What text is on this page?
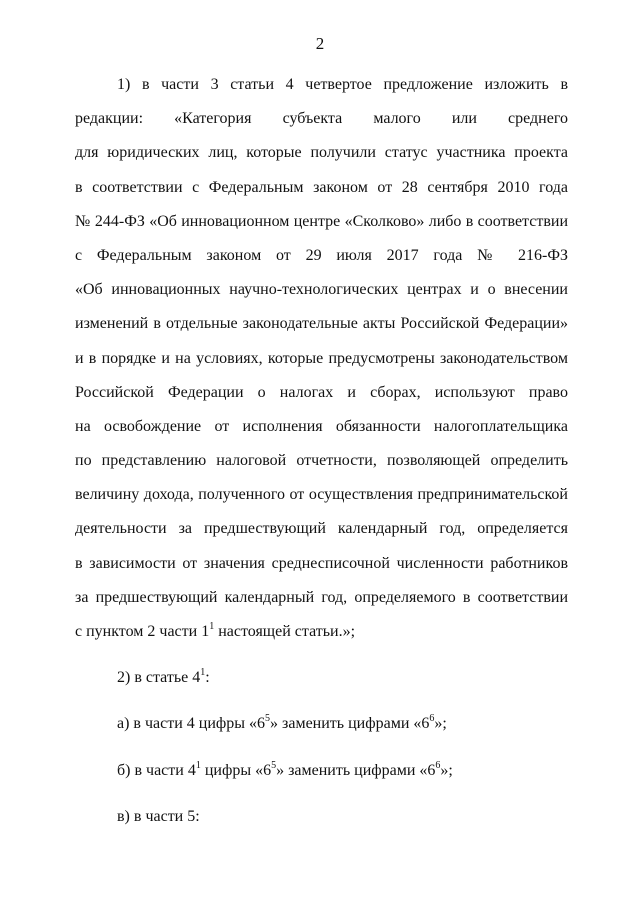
2
1) в части 3 статьи 4 четвертое предложение изложить в
редакции: «Категория субъекта малого или среднего
для юридических лиц, которые получили статус участника проекта
в соответствии с Федеральным законом от 28 сентября 2010 года
№ 244-ФЗ «Об инновационном центре «Сколково» либо в соответствии
с Федеральным законом от 29 июля 2017 года № 216-ФЗ
«Об инновационных научно-технологических центрах и о внесении
изменений в отдельные законодательные акты Российской Федерации»
и в порядке и на условиях, которые предусмотрены законодательством
Российской Федерации о налогах и сборах, используют право
на освобождение от исполнения обязанности налогоплательщика
по представлению налоговой отчетности, позволяющей определить
величину дохода, полученного от осуществления предпринимательской
деятельности за предшествующий календарный год, определяется
в зависимости от значения среднесписочной численности работников
за предшествующий календарный год, определяемого в соответствии
с пунктом 2 части $1^1$ настоящей статьи.»;

2) в статье $4^1$:

а) в части 4 цифры «$6^5$» заменить цифрами «$6^6$»;

б) в части $4^1$ цифры «$6^5$» заменить цифрами «$6^6$»;

в) в части 5:
